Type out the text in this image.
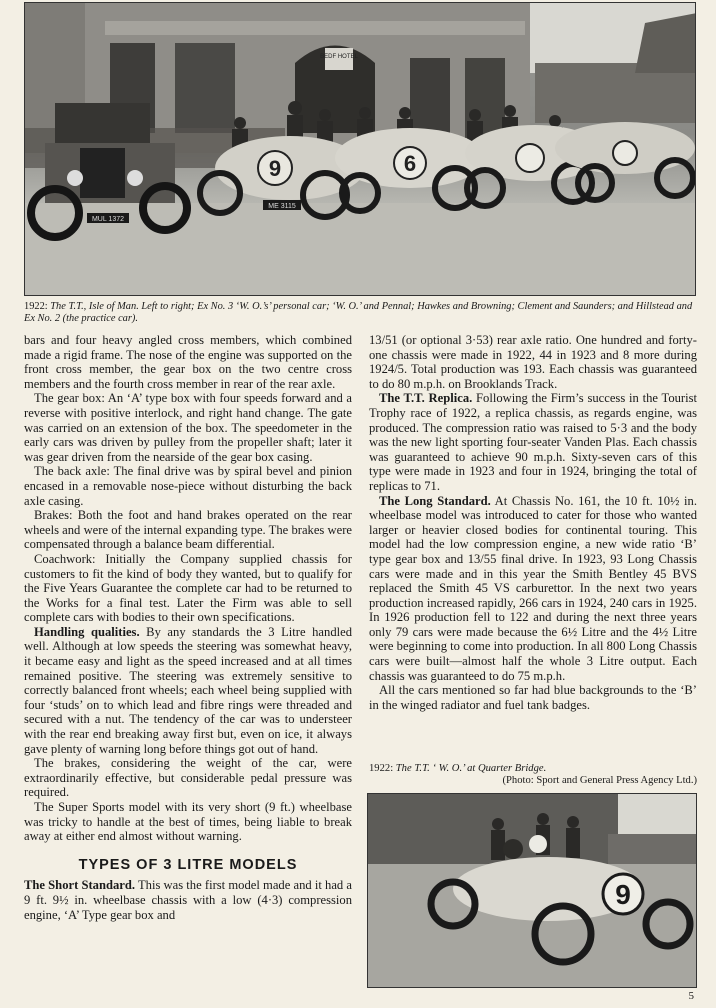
BEDF HOTEL
MUL 1372
9
ME 3115
6
1922: The T.T., Isle of Man. Left to right; Ex No. 3 ‘W. O.’s’ personal car; ‘W. O.’ and Pennal; Hawkes and Browning; Clement and Saunders; and Hillstead and Ex No. 2 (the practice car).

bars and four heavy angled cross members, which combined made a rigid frame. The nose of the engine was supported on the front cross member, the gear box on the two centre cross members and the fourth cross member in rear of the rear axle.

The gear box: An ‘A’ type box with four speeds forward and a reverse with positive interlock, and right hand change. The gate was carried on an extension of the box. The speedometer in the early cars was driven by pulley from the propeller shaft; later it was gear driven from the nearside of the gear box casing.

The back axle: The final drive was by spiral bevel and pinion encased in a removable nose-piece without disturbing the back axle casing.

Brakes: Both the foot and hand brakes operated on the rear wheels and were of the internal expanding type. The brakes were compensated through a balance beam differential.

Coachwork: Initially the Company supplied chassis for customers to fit the kind of body they wanted, but to qualify for the Five Years Guarantee the complete car had to be returned to the Works for a final test. Later the Firm was able to sell complete cars with bodies to their own specifications.

Handling qualities. By any standards the 3 Litre handled well. Although at low speeds the steering was somewhat heavy, it became easy and light as the speed increased and at all times remained positive. The steering was extremely sensitive to correctly balanced front wheels; each wheel being supplied with four ‘studs’ on to which lead and fibre rings were threaded and secured with a nut. The tendency of the car was to understeer with the rear end breaking away first but, even on ice, it always gave plenty of warning long before things got out of hand.

The brakes, considering the weight of the car, were extraordinarily effective, but considerable pedal pressure was required.

The Super Sports model with its very short (9 ft.) wheelbase was tricky to handle at the best of times, being liable to break away at either end almost without warning.

TYPES OF 3 LITRE MODELS

The Short Standard. This was the first model made and it had a 9 ft. 9½ in. wheelbase chassis with a low (4·3) compression engine, ‘A’ Type gear box and

13/51 (or optional 3·53) rear axle ratio. One hundred and forty-one chassis were made in 1922, 44 in 1923 and 8 more during 1924/5. Total production was 193. Each chassis was guaranteed to do 80 m.p.h. on Brooklands Track.

The T.T. Replica. Following the Firm’s success in the Tourist Trophy race of 1922, a replica chassis, as regards engine, was produced. The compression ratio was raised to 5·3 and the body was the new light sporting four-seater Vanden Plas. Each chassis was guaranteed to achieve 90 m.p.h. Sixty-seven cars of this type were made in 1923 and four in 1924, bringing the total of replicas to 71.

The Long Standard. At Chassis No. 161, the 10 ft. 10½ in. wheelbase model was introduced to cater for those who wanted larger or heavier closed bodies for continental touring. This model had the low compression engine, a new wide ratio ‘B’ type gear box and 13/55 final drive. In 1923, 93 Long Chassis cars were made and in this year the Smith Bentley 45 BVS replaced the Smith 45 VS carburettor. In the next two years production increased rapidly, 266 cars in 1924, 240 cars in 1925. In 1926 production fell to 122 and during the next three years only 79 cars were made because the 6½ Litre and the 4½ Litre were beginning to come into production. In all 800 Long Chassis cars were built—almost half the whole 3 Litre output. Each chassis was guaranteed to do 75 m.p.h.

All the cars mentioned so far had blue backgrounds to the ‘B’ in the winged radiator and fuel tank badges.

1922: The T.T. ‘ W. O.’ at Quarter Bridge.
(Photo: Sport and General Press Agency Ltd.)
9
5
